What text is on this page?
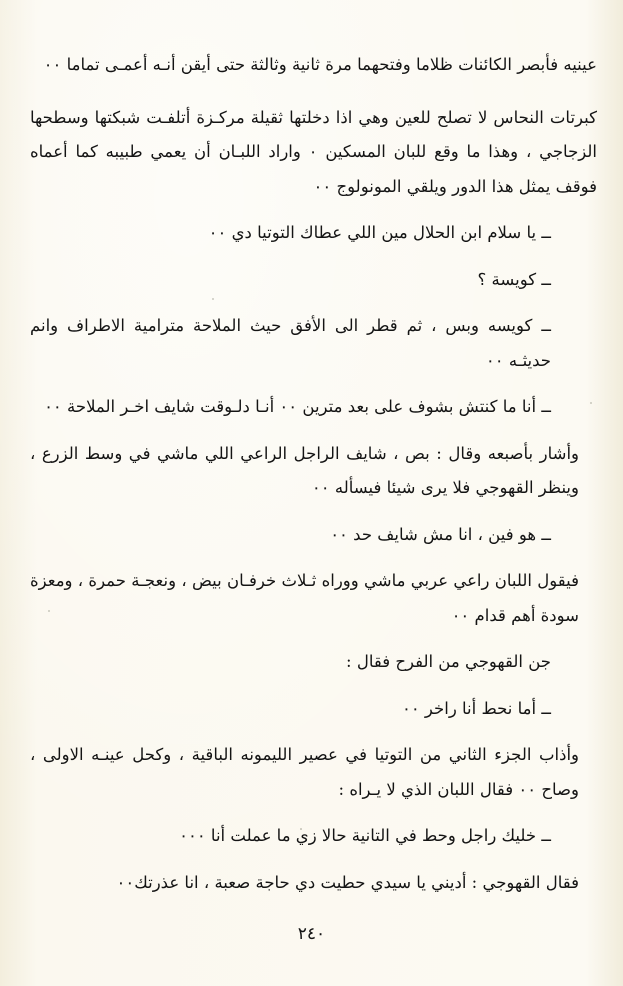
عينيه فأبصر الكائنات ظلاما وفتحهما مرة ثانية وثالثة حتى أيقن أنـه أعمـى تماما ٠٠

كبرتات النحاس لا تصلح للعين وهي اذا دخلتها ثقيلة مركـزة أتلفـت شبكتها وسطحها الزجاجي ، وهذا ما وقع للبان المسكين ٠ واراد اللبـان أن يعمي طبيبه كما أعماه فوقف يمثل هذا الدور ويلقي المونولوج ٠٠

ــ يا سلام ابن الحلال مين اللي عطاك التوتيا دي ٠٠

ــ كويسة ؟

ــ كويسه وبس ، ثم قطر الى الأفق حيث الملاحة مترامية الاطراف وانم حديثـه ٠٠

ــ أنا ما كنتش بشوف على بعد مترين ٠٠ أنـا دلـوقت شايف اخـر الملاحة ٠٠

وأشار بأصبعه وقال : بص ، شايف الراجل الراعي اللي ماشي في وسط الزرع ، وينظر القهوجي فلا يرى شيئا فيسأله ٠٠

ــ هو فين ، انا مش شايف حد ٠٠

فيقول اللبان راعي عربي ماشي ووراه ثـلاث خرفـان بيض ، ونعجـة حمرة ، ومعزة سودة أهم قدام ٠٠

جن القهوجي من الفرح فقال :

ــ أما نحط أنا راخر ٠٠

وأذاب الجزء الثاني من التوتيا في عصير الليمونه الباقية ، وكحل عينـه الاولى ، وصاح ٠٠ فقال اللبان الذي لا يـراه :

ــ خليك راجل وحط في التانية حالا زي ما عملت أنا ٠٠٠

فقال القهوجي : أديني يا سيدي حطيت دي حاجة صعبة ، انا عذرتك٠٠

٢٤٠
